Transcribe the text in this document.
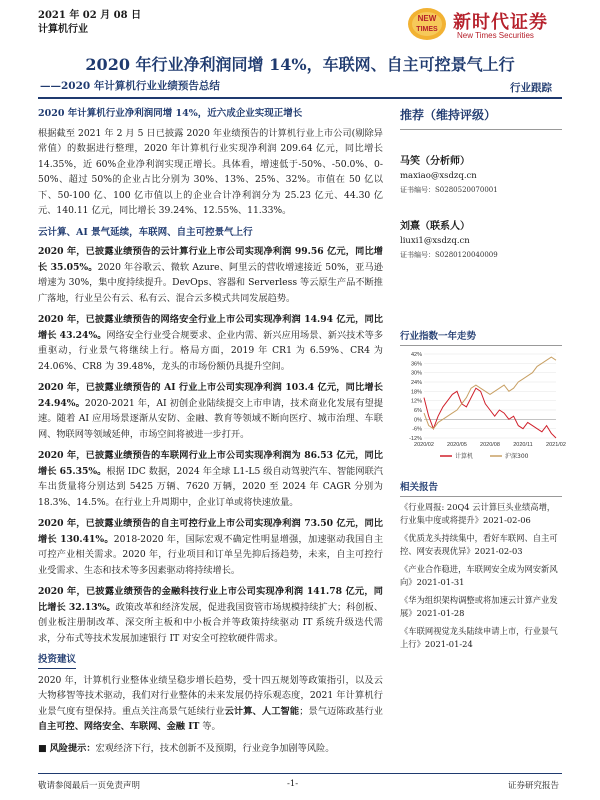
2021 年 02 月 08 日
计算机行业
NEW
TIMES 新时代证券
New Times Securities
2020 年行业净利润同增 14%，车联网、自主可控景气上行
——2020 年计算机行业业绩预告总结	行业跟踪
2020 年计算机行业净利润同增 14%，近六成企业实现正增长

根据截至 2021 年 2 月 5 日已披露 2020 年业绩预告的计算机行业上市公司(剔除异常值）的数据进行整理，2020 年计算机行业实现净利润 209.64 亿元，同比增长 14.35%，近 60%企业净利润实现正增长。具体看，增速低于-50%、-50.0%、0-50%、超过 50%的企业占比分别为 30%、13%、25%、32%。市值在 50 亿以下、50-100 亿、100 亿市值以上的企业合计净利润分为 25.23 亿元、44.30 亿元、140.11 亿元，同比增长 39.24%、12.55%、11.33%。

云计算、AI 景气延续，车联网、自主可控景气上行

2020 年，已披露业绩预告的云计算行业上市公司实现净利润 99.56 亿元，同比增长 35.05%。2020 年谷歌云、微软 Azure、阿里云的营收增速接近 50%，亚马逊增速为 30%，集中度持续提升。DevOps、容器和 Serverless 等云原生产品不断推广落地，行业呈公有云、私有云、混合云多模式共同发展趋势。

2020 年，已披露业绩预告的网络安全行业上市公司实现净利润 14.94 亿元，同比增长 43.24%。网络安全行业受合规要求、企业内需、新兴应用场景、新兴技术等多重驱动，行业景气将继续上行。格局方面，2019 年 CR1 为 6.59%、CR4 为 24.06%、CR8 为 39.48%，龙头的市场份额仍具提升空间。

2020 年，已披露业绩预告的 AI 行业上市公司实现净利润 103.4 亿元，同比增长 24.94%。2020-2021 年，AI 初创企业陆续提交上市申请，技术商业化发展有望提速。随着 AI 应用场景逐渐从安防、金融、教育等领域不断向医疗、城市治理、车联网、物联网等领域延伸，市场空间将被进一步打开。

2020 年，已披露业绩预告的车联网行业上市公司实现净利润为 86.53 亿元，同比增长 65.35%。根据 IDC 数据，2024 年全球 L1-L5 级自动驾驶汽车、智能网联汽车出货量将分别达到 5425 万辆、7620 万辆，2020 至 2024 年 CAGR 分别为 18.3%、14.5%。在行业上升周期中，企业订单或将快速放量。

2020 年，已披露业绩预告的自主可控行业上市公司实现净利润 73.50 亿元，同比增长 130.41%。2018-2020 年，国际宏观不确定性明显增强，加速驱动我国自主可控产业相关需求。2020 年，行业项目和订单呈先抑后扬趋势，未来，自主可控行业受需求、生态和技术等多因素驱动将持续增长。

2020 年，已披露业绩预告的金融科技行业上市公司实现净利润 141.78 亿元，同比增长 32.13%。政策改革和经济发展，促进我国资管市场规模持续扩大；科创板、创业板注册制改革、深交所主板和中小板合并等政策持续驱动 IT 系统升级迭代需求，分布式等技术发展加速银行 IT 对安全可控软硬件需求。

投资建议

2020 年，计算机行业整体业绩呈稳步增长趋势，受十四五规划等政策指引，以及云大物移智等技术驱动，我们对行业整体的未来发展仍持乐观态度，2021 年计算机行业景气度有望保持。重点关注高景气延续行业云计算、人工智能；景气迈陈政基行业自主可控、网络安全、车联网、金融 IT 等。

■ 风险提示：宏观经济下行，技术创新不及预期，行业竞争加剧等风险。

推荐（维持评级）
马笑（分析师）
maxiao@xsdzq.cn
证书编号：S0280520070001
刘熹（联系人）
liuxi1@xsdzq.cn
证书编号：S0280120040009
行业指数一年走势
-12%
-6%
0%
6%
12%
18%
24%
30%
36%
42%
2020/02 2020/05 2020/08 2020/11 2021/02
计算机	沪深300
相关报告
《行业周报: 20Q4 云计算巨头业绩高增，行业集中度或将提升》2021-02-06
《优质龙头持续集中，看好车联网、自主可控、网安表现优异》2021-02-03
《产业合作稳进，车联网安全成为网安新风向》2021-01-31
《华为组织架构调整或将加速云计算产业发展》2021-01-28
《车联网视觉龙头陆续申请上市，行业景气上行》2021-01-24
敬请参阅最后一页免责声明	-1-	证券研究报告
